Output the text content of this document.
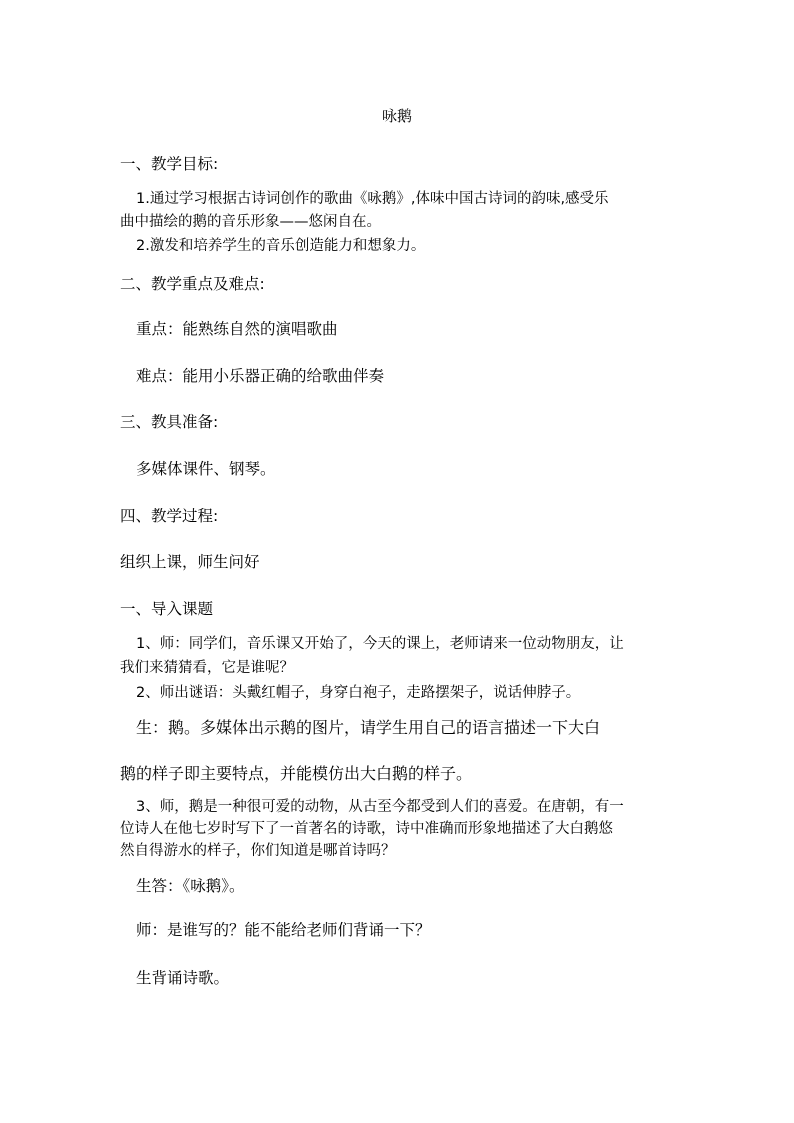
咏鹅
一、教学目标:
1.通过学习根据古诗词创作的歌曲《咏鹅》,体味中国古诗词的韵味,感受乐
曲中描绘的鹅的音乐形象——悠闲自在。
2.激发和培养学生的音乐创造能力和想象力。
二、教学重点及难点:
重点：能熟练自然的演唱歌曲
难点：能用小乐器正确的给歌曲伴奏
三、教具准备:
多媒体课件、钢琴。
四、教学过程:
组织上课，师生问好
一、导入课题
1、师：同学们，音乐课又开始了，今天的课上，老师请来一位动物朋友，让
我们来猜猜看，它是谁呢？
2、师出谜语：头戴红帽子，身穿白袍子，走路摆架子，说话伸脖子。
生：鹅。多媒体出示鹅的图片，请学生用自己的语言描述一下大白
鹅的样子即主要特点，并能模仿出大白鹅的样子。
3、师，鹅是一种很可爱的动物，从古至今都受到人们的喜爱。在唐朝，有一
位诗人在他七岁时写下了一首著名的诗歌，诗中准确而形象地描述了大白鹅悠
然自得游水的样子，你们知道是哪首诗吗？
生答：《咏鹅》。
师：是谁写的？能不能给老师们背诵一下？
生背诵诗歌。
